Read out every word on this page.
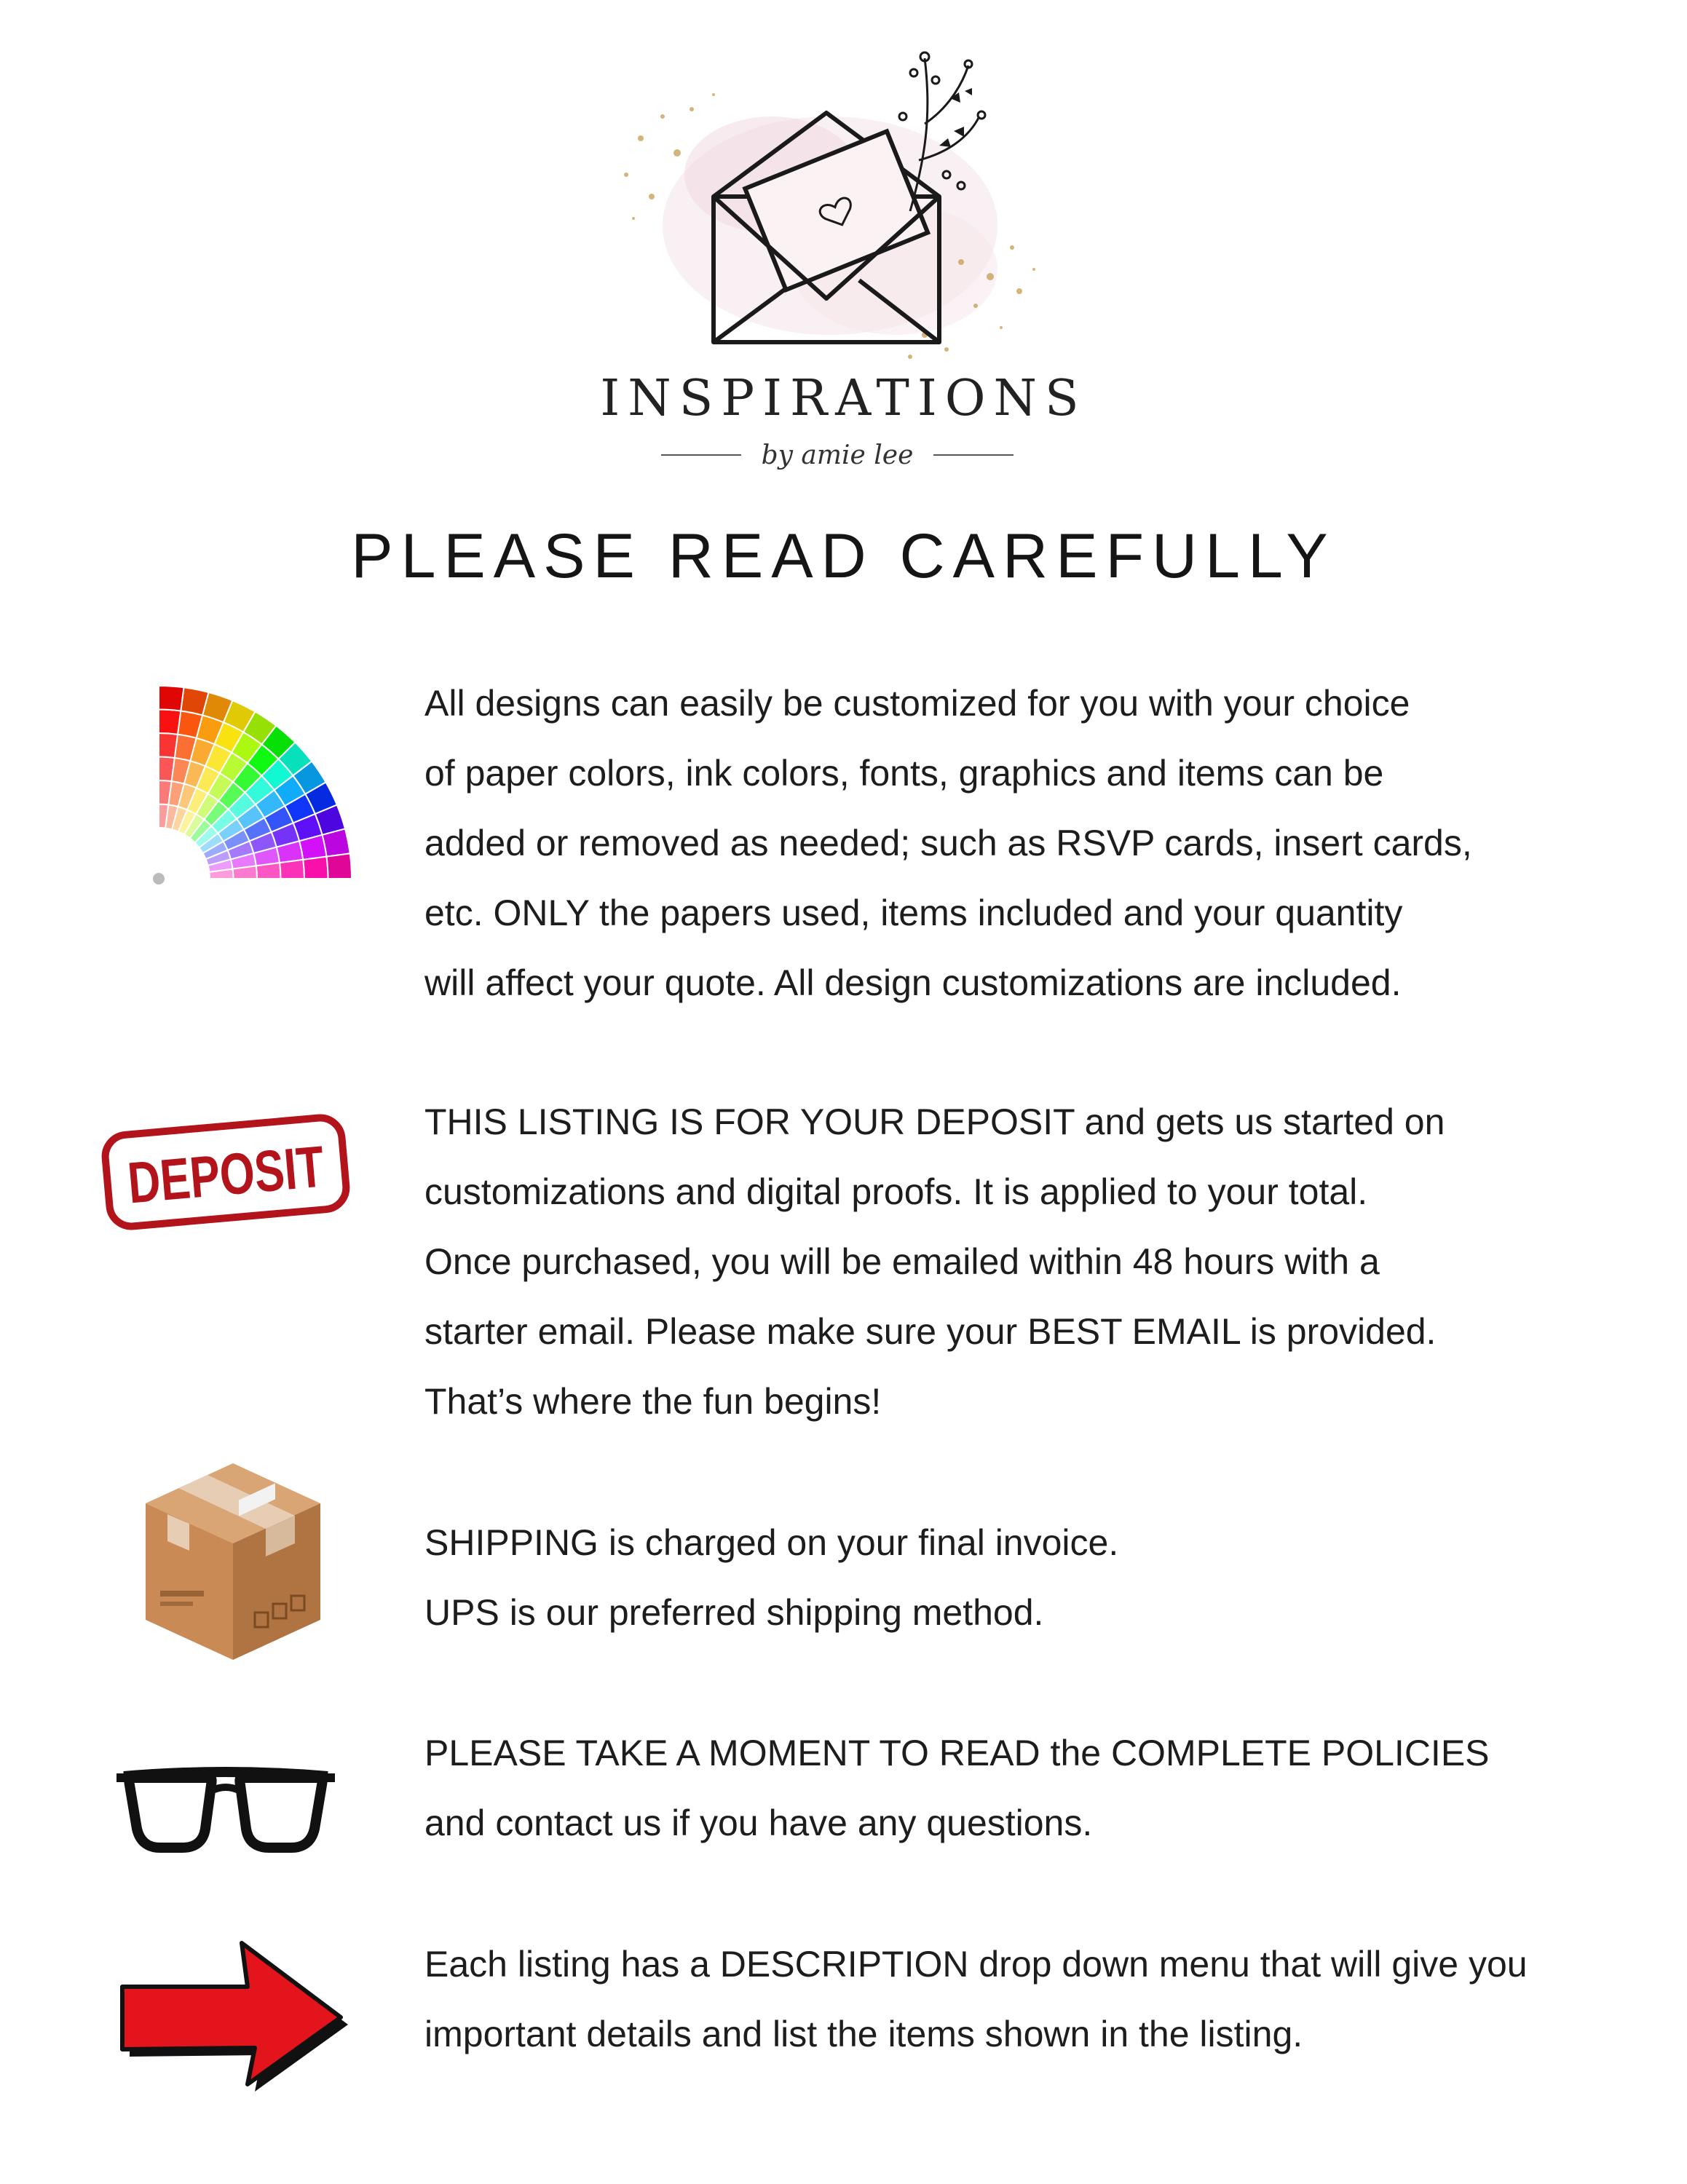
INSPIRATIONS
by amie lee
PLEASE READ CAREFULLY

All designs can easily be customized for you with your choice

of paper colors, ink colors, fonts, graphics and items can be

added or removed as needed; such as RSVP cards, insert cards,

etc. ONLY the papers used, items included and your quantity

will affect your quote. All design customizations are included.

DEPOSIT

THIS LISTING IS FOR YOUR DEPOSIT and gets us started on

customizations and digital proofs. It is applied to your total.

Once purchased, you will be emailed within 48 hours with a

starter email. Please make sure your BEST EMAIL is provided.

That’s where the fun begins!

SHIPPING is charged on your final invoice.

UPS is our preferred shipping method.

PLEASE TAKE A MOMENT TO READ the COMPLETE POLICIES

and contact us if you have any questions.

Each listing has a DESCRIPTION drop down menu that will give you

important details and list the items shown in the listing.
